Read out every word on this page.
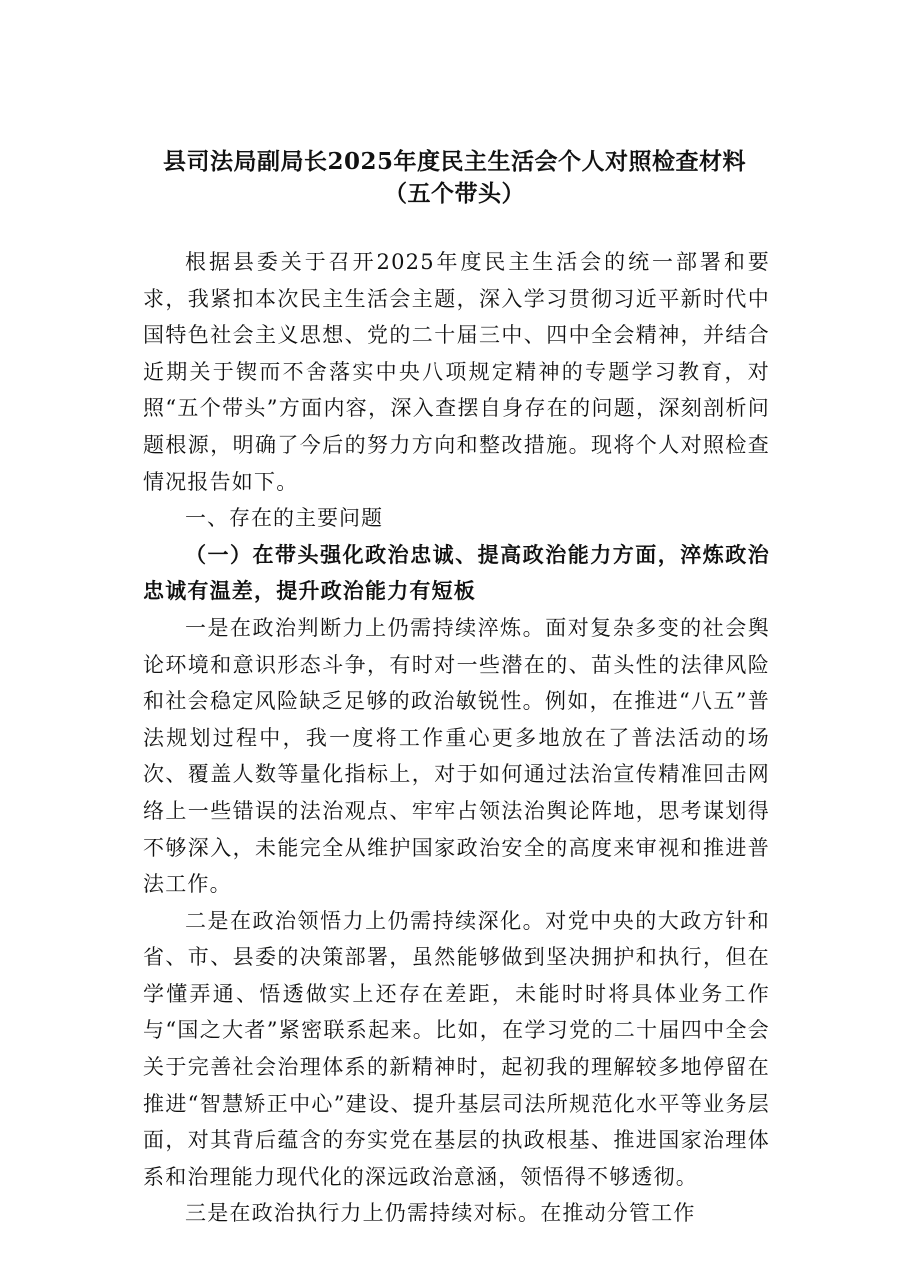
县司法局副局长2025年度民主生活会个人对照检查材料
（五个带头）

根据县委关于召开2025年度民主生活会的统一部署和要求，我紧扣本次民主生活会主题，深入学习贯彻习近平新时代中国特色社会主义思想、党的二十届三中、四中全会精神，并结合近期关于锲而不舍落实中央八项规定精神的专题学习教育，对照“五个带头”方面内容，深入查摆自身存在的问题，深刻剖析问题根源，明确了今后的努力方向和整改措施。现将个人对照检查情况报告如下。

一、存在的主要问题

（一）在带头强化政治忠诚、提高政治能力方面，淬炼政治忠诚有温差，提升政治能力有短板

一是在政治判断力上仍需持续淬炼。面对复杂多变的社会舆论环境和意识形态斗争，有时对一些潜在的、苗头性的法律风险和社会稳定风险缺乏足够的政治敏锐性。例如，在推进“八五”普法规划过程中，我一度将工作重心更多地放在了普法活动的场次、覆盖人数等量化指标上，对于如何通过法治宣传精准回击网络上一些错误的法治观点、牢牢占领法治舆论阵地，思考谋划得不够深入，未能完全从维护国家政治安全的高度来审视和推进普法工作。

二是在政治领悟力上仍需持续深化。对党中央的大政方针和省、市、县委的决策部署，虽然能够做到坚决拥护和执行，但在学懂弄通、悟透做实上还存在差距，未能时时将具体业务工作与“国之大者”紧密联系起来。比如，在学习党的二十届四中全会关于完善社会治理体系的新精神时，起初我的理解较多地停留在推进“智慧矫正中心”建设、提升基层司法所规范化水平等业务层面，对其背后蕴含的夯实党在基层的执政根基、推进国家治理体系和治理能力现代化的深远政治意涵，领悟得不够透彻。

三是在政治执行力上仍需持续对标。在推动分管工作
